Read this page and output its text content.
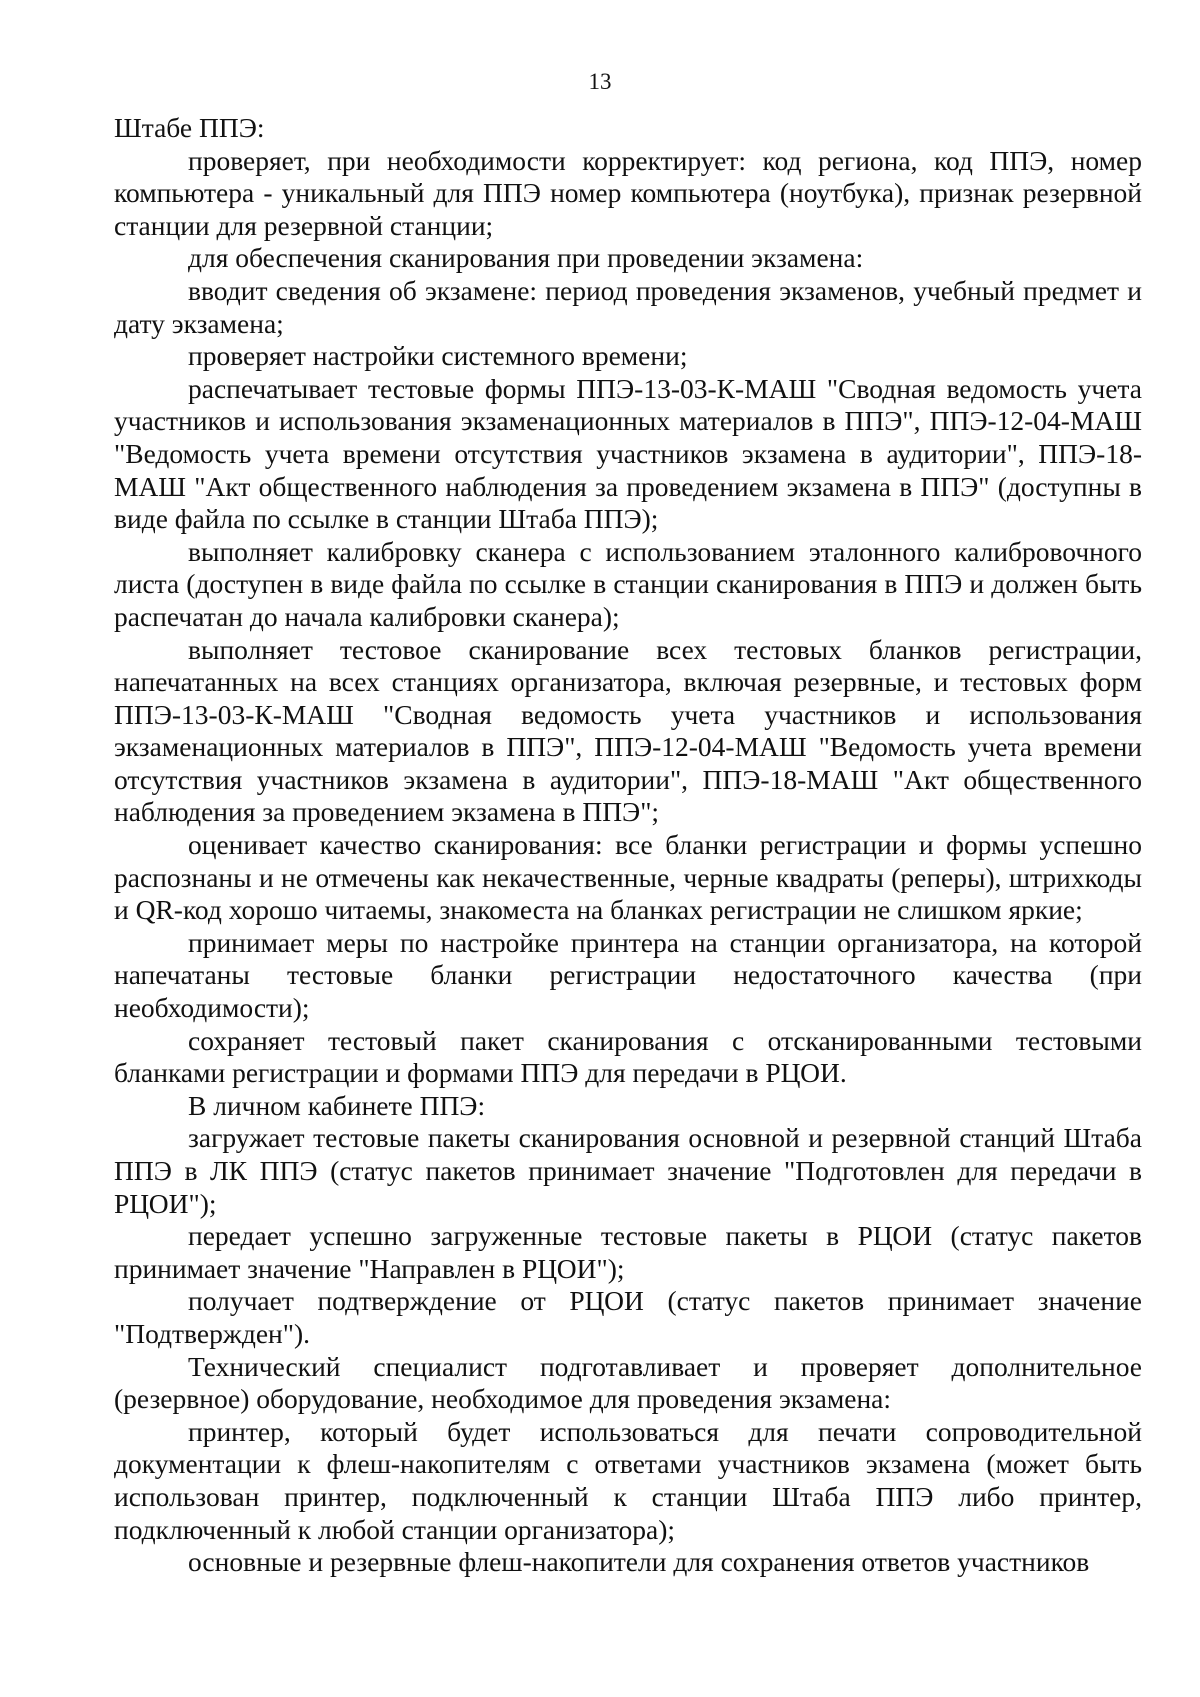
13

Штабе ППЭ:

проверяет, при необходимости корректирует: код региона, код ППЭ, номер компьютера - уникальный для ППЭ номер компьютера (ноутбука), признак резервной станции для резервной станции;

для обеспечения сканирования при проведении экзамена:

вводит сведения об экзамене: период проведения экзаменов, учебный предмет и дату экзамена;

проверяет настройки системного времени;

распечатывает тестовые формы ППЭ-13-03-К-МАШ "Сводная ведомость учета участников и использования экзаменационных материалов в ППЭ", ППЭ-12-04-МАШ "Ведомость учета времени отсутствия участников экзамена в аудитории", ППЭ-18-МАШ "Акт общественного наблюдения за проведением экзамена в ППЭ" (доступны в виде файла по ссылке в станции Штаба ППЭ);

выполняет калибровку сканера с использованием эталонного калибровочного листа (доступен в виде файла по ссылке в станции сканирования в ППЭ и должен быть распечатан до начала калибровки сканера);

выполняет тестовое сканирование всех тестовых бланков регистрации, напечатанных на всех станциях организатора, включая резервные, и тестовых форм ППЭ-13-03-К-МАШ "Сводная ведомость учета участников и использования экзаменационных материалов в ППЭ", ППЭ-12-04-МАШ "Ведомость учета времени отсутствия участников экзамена в аудитории", ППЭ-18-МАШ "Акт общественного наблюдения за проведением экзамена в ППЭ";

оценивает качество сканирования: все бланки регистрации и формы успешно распознаны и не отмечены как некачественные, черные квадраты (реперы), штрихкоды и QR-код хорошо читаемы, знакоместа на бланках регистрации не слишком яркие;

принимает меры по настройке принтера на станции организатора, на которой напечатаны тестовые бланки регистрации недостаточного качества (при необходимости);

сохраняет тестовый пакет сканирования с отсканированными тестовыми бланками регистрации и формами ППЭ для передачи в РЦОИ.

В личном кабинете ППЭ:

загружает тестовые пакеты сканирования основной и резервной станций Штаба ППЭ в ЛК ППЭ (статус пакетов принимает значение "Подготовлен для передачи в РЦОИ");

передает успешно загруженные тестовые пакеты в РЦОИ (статус пакетов принимает значение "Направлен в РЦОИ");

получает подтверждение от РЦОИ (статус пакетов принимает значение "Подтвержден").

Технический специалист подготавливает и проверяет дополнительное (резервное) оборудование, необходимое для проведения экзамена:

принтер, который будет использоваться для печати сопроводительной документации к флеш-накопителям с ответами участников экзамена (может быть использован принтер, подключенный к станции Штаба ППЭ либо принтер, подключенный к любой станции организатора);

основные и резервные флеш-накопители для сохранения ответов участников
